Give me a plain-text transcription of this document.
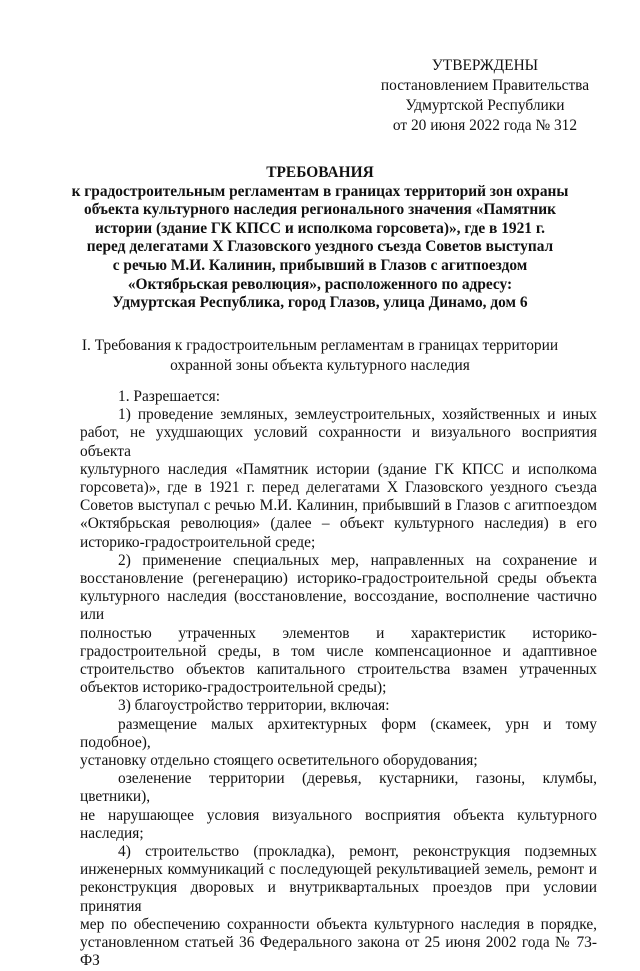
УТВЕРЖДЕНЫ
постановлением Правительства
Удмуртской Республики
от 20 июня 2022 года № 312
ТРЕБОВАНИЯ
к градостроительным регламентам в границах территорий зон охраны
объекта культурного наследия регионального значения «Памятник
истории (здание ГК КПСС и исполкома горсовета)», где в 1921 г.
перед делегатами X Глазовского уездного съезда Советов выступал
с речью М.И. Калинин, прибывший в Глазов с агитпоездом
«Октябрьская революция», расположенного по адресу:
Удмуртская Республика, город Глазов, улица Динамо, дом 6
I. Требования к градостроительным регламентам в границах территории
охранной зоны объекта культурного наследия

1. Разрешается:

1) проведение земляных, землеустроительных, хозяйственных и иных

работ, не ухудшающих условий сохранности и визуального восприятия объекта

культурного наследия «Памятник истории (здание ГК КПСС и исполкома

горсовета)», где в 1921 г. перед делегатами X Глазовского уездного съезда

Советов выступал с речью М.И. Калинин, прибывший в Глазов с агитпоездом

«Октябрьская революция» (далее – объект культурного наследия) в его

историко-градостроительной среде;

2) применение специальных мер, направленных на сохранение и

восстановление (регенерацию) историко-градостроительной среды объекта

культурного наследия (восстановление, воссоздание, восполнение частично или

полностью утраченных элементов и характеристик историко-

градостроительной среды, в том числе компенсационное и адаптивное

строительство объектов капитального строительства взамен утраченных

объектов историко-градостроительной среды);

3) благоустройство территории, включая:

размещение малых архитектурных форм (скамеек, урн и тому подобное),

установку отдельно стоящего осветительного оборудования;

озеленение территории (деревья, кустарники, газоны, клумбы, цветники),

не нарушающее условия визуального восприятия объекта культурного

наследия;

4) строительство (прокладка), ремонт, реконструкция подземных

инженерных коммуникаций с последующей рекультивацией земель, ремонт и

реконструкция дворовых и внутриквартальных проездов при условии принятия

мер по обеспечению сохранности объекта культурного наследия в порядке,

установленном статьей 36 Федерального закона от 25 июня 2002 года № 73-ФЗ
